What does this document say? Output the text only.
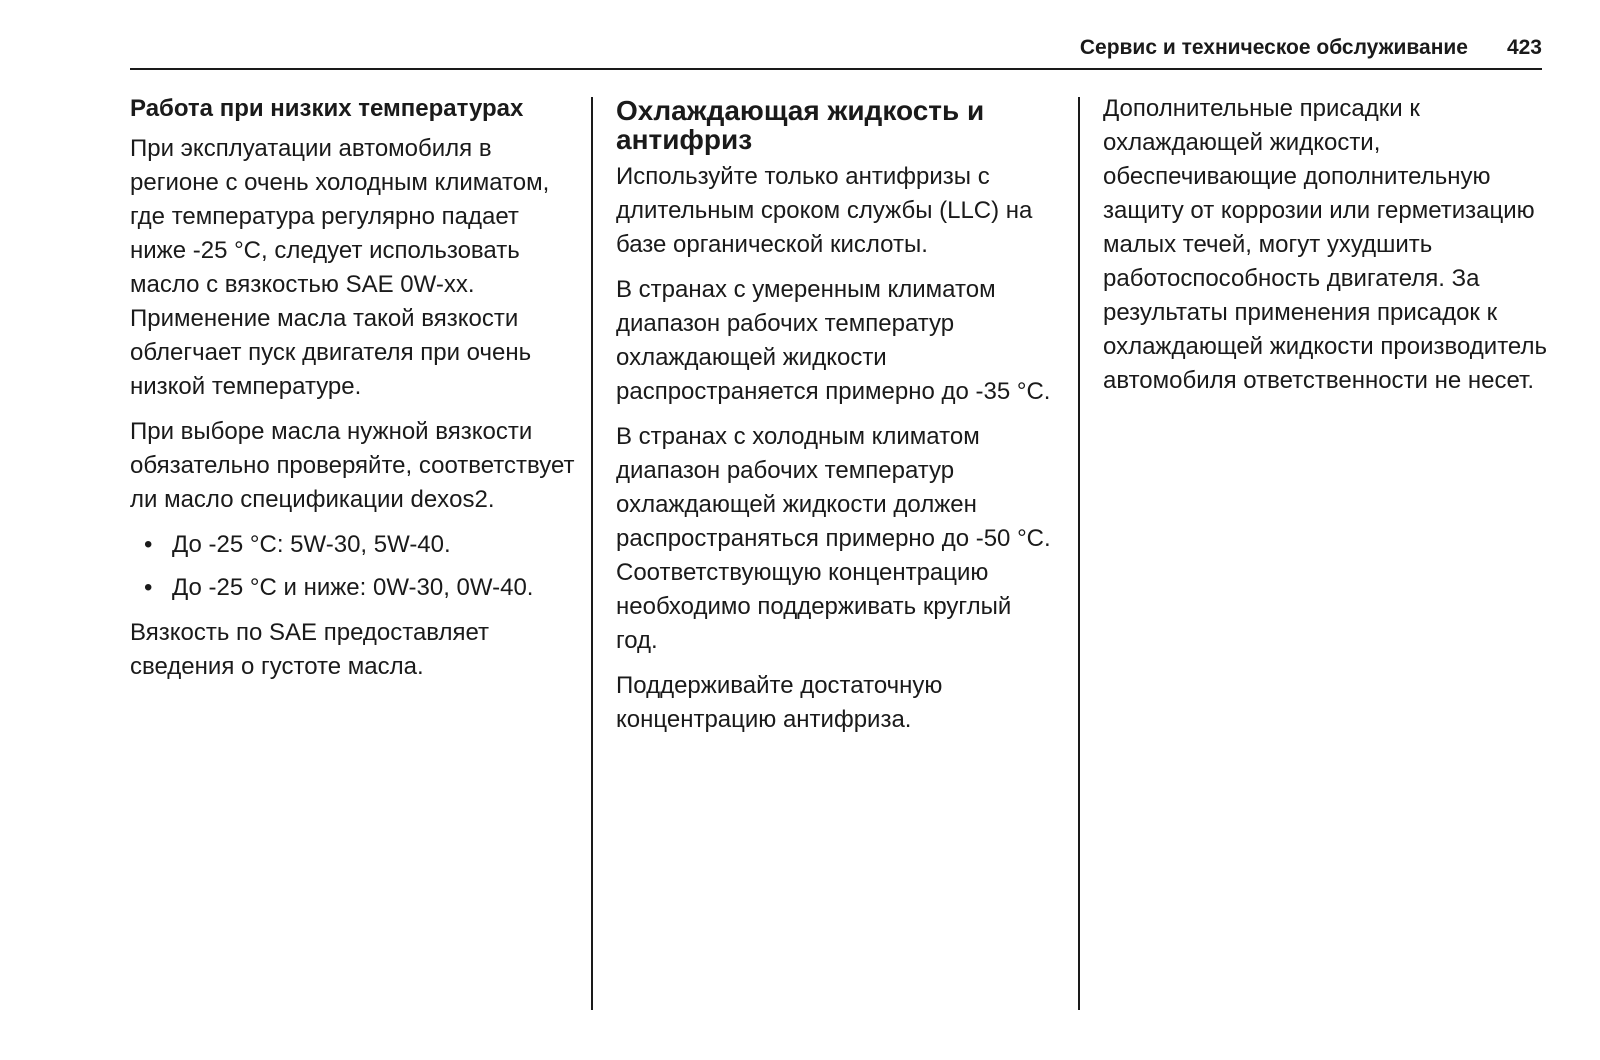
Сервис и техническое обслуживание 423
Работа при низких температурах

При эксплуатации автомобиля в регионе с очень холодным климатом, где температура регулярно падает ниже -25 °С, следует использовать масло с вязкостью SAE 0W-xx. Применение масла такой вязкости облегчает пуск двигателя при очень низкой температуре.

При выборе масла нужной вязкости обязательно проверяйте, соответствует ли масло спецификации dexos2.

• До -25 °C: 5W-30, 5W-40.
• До -25 °C и ниже: 0W-30, 0W-40.

Вязкость по SAE предоставляет сведения о густоте масла.

Охлаждающая жидкость и антифриз

Используйте только антифризы с длительным сроком службы (LLC) на базе органической кислоты.

В странах с умеренным климатом диапазон рабочих температур охлаждающей жидкости распространяется примерно до -35 °C.

В странах с холодным климатом диапазон рабочих температур охлаждающей жидкости должен распространяться примерно до -50 °C. Соответствующую концентрацию необходимо поддерживать круглый год.

Поддерживайте достаточную концентрацию антифриза.

Дополнительные присадки к охлаждающей жидкости, обеспечивающие дополнительную защиту от коррозии или герметизацию малых течей, могут ухудшить работоспособность двигателя. За результаты применения присадок к охлаждающей жидкости производитель автомобиля ответственности не несет.
